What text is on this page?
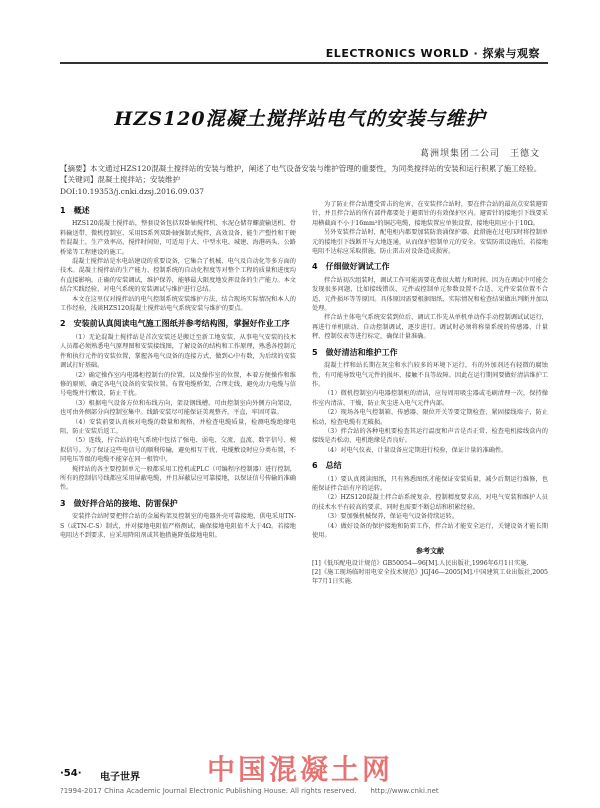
ELECTRONICS WORLD · 探索与观察
HZS120混凝土搅拌站电气的安装与维护
葛洲坝集团二公司　王德文
【摘要】本文通过HZS120混凝土搅拌站的安装与维护，阐述了电气设备安装与维护管理的重要性，为同类搅拌站的安装和运行积累了施工经验。
【关键词】混凝土搅拌站；安装维护
DOI:10.19353/j.cnki.dzsj.2016.09.037
1　概述
HZS120混凝土搅拌站，整套设备包括双卧轴搅拌机、水泥仓储存螺旋输送机、骨料输送带、微机控制室、采用IS系列双卧轴强制式搅拌，高效设备，能生产塑性和干硬性混凝土，生产效率高，搅拌时间短，可适用于大、中型水电、城建、海港码头、公路桥梁等工程建设的施工。
混凝土搅拌站是水电站建设的重要设备，它集合了机械、电气及自动化等多方面的技术。混凝土搅拌站的生产能力、控制系统的自动化程度等对整个工程的质量和进度均有直接影响，正确的安装调试，维护保养，能够最大限度地发挥设备的生产能力。本文结合实践经验，对电气系统的安装调试与维护进行总结。
本文在这里仅对搅拌站的电气控制系统安装维护方法，结合现场实际情况和本人的工作经验，浅谈HZS120混凝土搅拌站电气系统安装与维护的要点。
2　安装前认真阅读电气施工图纸并参考结构图，掌握好作业工序
（1）无论混凝土搅拌站是首次安装还是搬迁至新工地安装，从事电气安装的技术人员都必须熟悉电气原理图和安装接线图，了解设备的结构和工作原理，熟悉各控制元件和执行元件的安装位置，掌握各电气设备的连接方式，做到心中有数，为后续的安装调试打好基础。
（2）确定操作室内电器柜控制台的位置，以及操作室的位置，本着方便操作和维修的原则，确定各电气设备的安装位置。布置电缆桥架，合理走线，避免动力电缆与信号电缆并行敷设，防止干扰。
（3）根据电气设备方位和布线方向，架设钢线槽。可由控制室向外侧方向架设，也可由外侧部分向控制室集中。线路安装尽可能保证美观整齐，平直，牢固可靠。
（4）安装前要认真核对电缆的数量和规格，并检查电缆质量，检测电缆绝缘电阻，防止安装后返工。
（5）连线，拧合站的电气系统中包括了强电、弱电、交流、直流、数字信号、模拟信号。为了保证这些电信号的顺利传输，避免相互干扰，电缆敷设时应分类布置，不同电压等级的电缆不能穿在同一根管中。
搅拌站的各主要控制单元一般都采用工控机或PLC（可编程序控制器）进行控制，所有的控制信号线都应采用屏蔽电缆，并且屏蔽层应可靠接地，以保证信号传输的准确性。
3　做好拌合站的接地、防雷保护
安装拌合站时要把拌合站的金属构架及控制室的电器外壳可靠接地，供电采用TN-S（或TN-C-S）制式，并对接地电阻值严格测试，确保接地电阻值不大于4Ω。若接地电阻达不到要求，应采用降阻剂或其他措施降低接地电阻。
为了防止拌合站遭受雷击的危害，在安装拌合站时，要在拌合站的最高点安装避雷针，并且拌合站的所有部件都要处于避雷针的有效保护区内。避雷针的接地引下线要采用横截面不小于16mm²的铜芯电缆，接地装置应单独设置，接地电阻应小于10Ω。
另外安装拌合站时，配电柜内都要加装防浪涌保护器。此措施在过电压时将控制单元的接地引下线断开与大地连通，从而保护控制单元的安全。安装防雷设施后，若接地电阻不达标应采取措施，防止雷击对设备造成损害。
4　仔细做好调试工作
拌合站初次组装时，调试工作可能需要花费很大精力和时间。因为在调试中可能会发现很多问题，比如接线错误、元件或控制单元参数设置不合适、元件安装位置不合适、元件损坏等等原因。具体原因需要根据图纸、实际情况和检查结果做出判断并加以处理。
拌合站主体电气系统安装到位后，调试工作先从单机单动作手动控制调试试运行，再进行单机联动、自动控制调试，逐步进行。调试时必须将称量系统的传感器、计量秤、控制仪表等进行标定，确保计量准确。
5　做好清洁和维护工作
混凝土拌和站长期在灰尘和水汽较多的环境下运行，有的外加剂还有轻微的腐蚀性，有可能导致电气元件的损坏、接触不良等故障。因此在运行期间要做好清洁维护工作。
（1）微机控制室内电器控制柜的清洁，应每周用吸尘器或毛刷清理一次，保持操作室内清洁、干燥，防止灰尘进入电气元件内部。
（2）现场各电气控制箱、传感器、限位开关等要定期检查，紧固接线端子，防止松动，检查电缆有无破损。
（3）拌合站的各种电机要检查其运行温度和声音是否正常，检查电机接线盒内的接线是否松动，电机绝缘是否良好。
（4）对电气仪表、计量设备应定期进行校验，保证计量的准确性。
6　总结
（1）要认真阅读图纸，只有熟悉图纸才能保证安装质量，减少后期运行维修，也能保证拌合站有序的运转。
（2）HZS120混凝土拌合站系统复杂、控制精度要求高，对电气安装和维护人员的技术水平有较高的要求，同时也需要不断总结和积累经验。
（3）要加强机械保养，保证电气设备持续运转。
（4）做好设备的保护接地和防雷工作，拌合站才能安全运行，关键设备才能长期使用。
参考文献
[1]《低压配电设计规范》GB50054—96[M].人民出版社,1996年6月1日实施.
[2]《施工现场临时用电安全技术规范》JGJ46—2005[M].中国建筑工业出版社,2005年7月1日实施.
·54· 电子世界	中国混凝土网
?1994-2017 China Academic Journal Electronic Publishing House. All rights reserved.　　http://www.cnki.net
